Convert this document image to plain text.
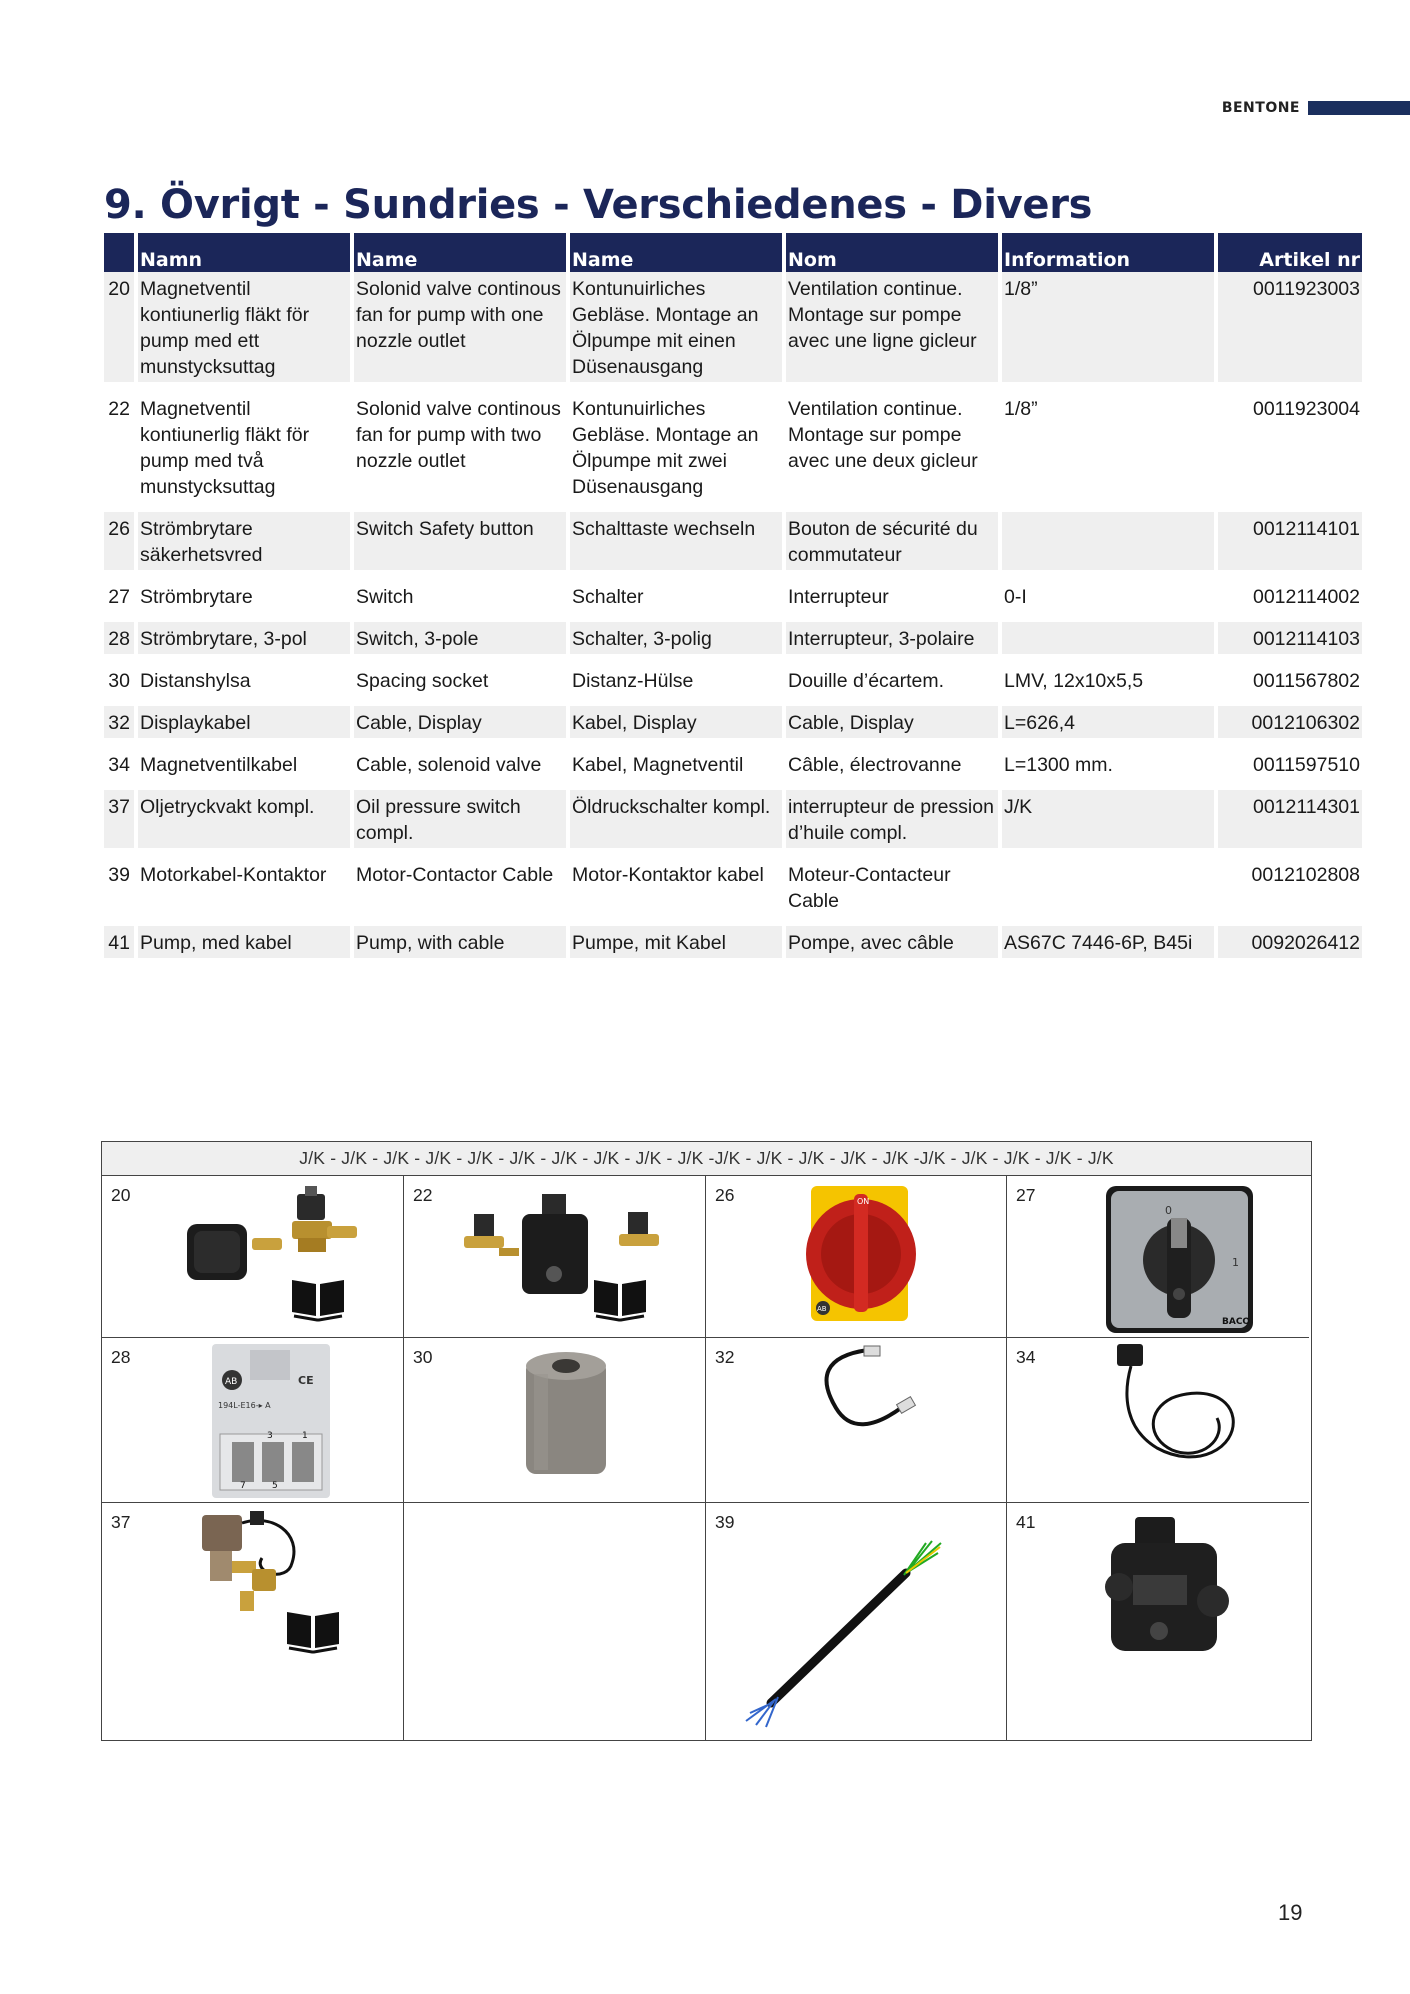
BENTONE
9. Övrigt - Sundries - Verschiedenes - Divers
	Namn	Name	Name	Nom	Information	Artikel nr
20	Magnetventil kontiunerlig fläkt för pump med ett munstycksuttag	Solonid valve continous fan for pump with one nozzle outlet	Kontunuirliches Gebläse. Montage an Ölpumpe mit einen Düsenausgang	Ventilation continue. Montage sur pompe avec une ligne gicleur	1/8”	0011923003

22	Magnetventil kontiunerlig fläkt för pump med två munstycksuttag	Solonid valve continous fan for pump with two nozzle outlet	Kontunuirliches Gebläse. Montage an Ölpumpe mit zwei Düsenausgang	Ventilation continue. Montage sur pompe avec une deux gicleur	1/8”	0011923004

26	Strömbrytare säkerhetsvred	Switch Safety button	Schalttaste wechseln	Bouton de sécurité du commutateur		0012114101

27	Strömbrytare	Switch	Schalter	Interrupteur	0-I	0012114002

28	Strömbrytare, 3-pol	Switch, 3-pole	Schalter, 3-polig	Interrupteur, 3-polaire		0012114103

30	Distanshylsa	Spacing socket	Distanz-Hülse	Douille d’écartem.	LMV, 12x10x5,5	0011567802

32	Displaykabel	Cable, Display	Kabel, Display	Cable, Display	L=626,4	0012106302

34	Magnetventilkabel	Cable, solenoid valve	Kabel, Magnetventil	Câble, électrovanne	L=1300 mm.	0011597510

37	Oljetryckvakt kompl.	Oil pressure switch compl.	Öldruckschalter kompl.	interrupteur de pression d’huile compl.	J/K	0012114301

39	Motorkabel-Kontaktor	Motor-Contactor Cable	Motor-Kontaktor kabel	Moteur-Contacteur Cable		0012102808

41	Pump, med kabel	Pump, with cable	Pumpe, mit Kabel	Pompe, avec câble	AS67C 7446-6P, B45i	0092026412
J/K - J/K - J/K - J/K - J/K - J/K - J/K - J/K - J/K - J/K -J/K - J/K - J/K - J/K - J/K -J/K - J/K - J/K - J/K - J/K
20	22	26	ON
AB
27
0
1
BACO
28
AB	CE
194L-E16-▸ A
3	1
7	5
30	32	34
37	39	41
19
